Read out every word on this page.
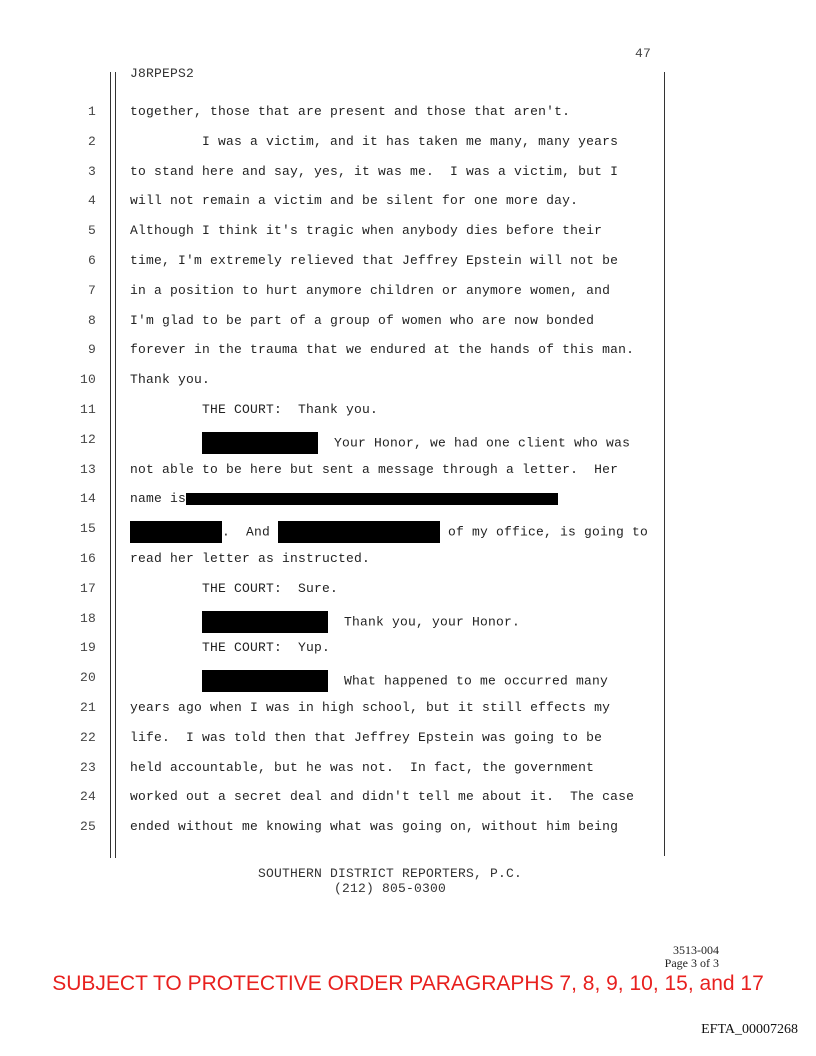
47
J8RPEPS2
1	together, those that are present and those that aren't.
2	I was a victim, and it has taken me many, many years
3	to stand here and say, yes, it was me.  I was a victim, but I
4	will not remain a victim and be silent for one more day.
5	Although I think it's tragic when anybody dies before their
6	time, I'm extremely relieved that Jeffrey Epstein will not be
7	in a position to hurt anymore children or anymore women, and
8	I'm glad to be part of a group of women who are now bonded
9	forever in the trauma that we endured at the hands of this man.
10	Thank you.
11	THE COURT:  Thank you.
12	Your Honor, we had one client who was
13	not able to be here but sent a message through a letter.  Her
14	name is
15	.  And	of my office, is going to
16	read her letter as instructed.
17	THE COURT:  Sure.
18	Thank you, your Honor.
19	THE COURT:  Yup.
20	What happened to me occurred many
21	years ago when I was in high school, but it still effects my
22	life.  I was told then that Jeffrey Epstein was going to be
23	held accountable, but he was not.  In fact, the government
24	worked out a secret deal and didn't tell me about it.  The case
25	ended without me knowing what was going on, without him being
SOUTHERN DISTRICT REPORTERS, P.C.
(212) 805-0300
3513-004
Page 3 of 3
SUBJECT TO PROTECTIVE ORDER PARAGRAPHS 7, 8, 9, 10, 15, and 17
EFTA_00007268
